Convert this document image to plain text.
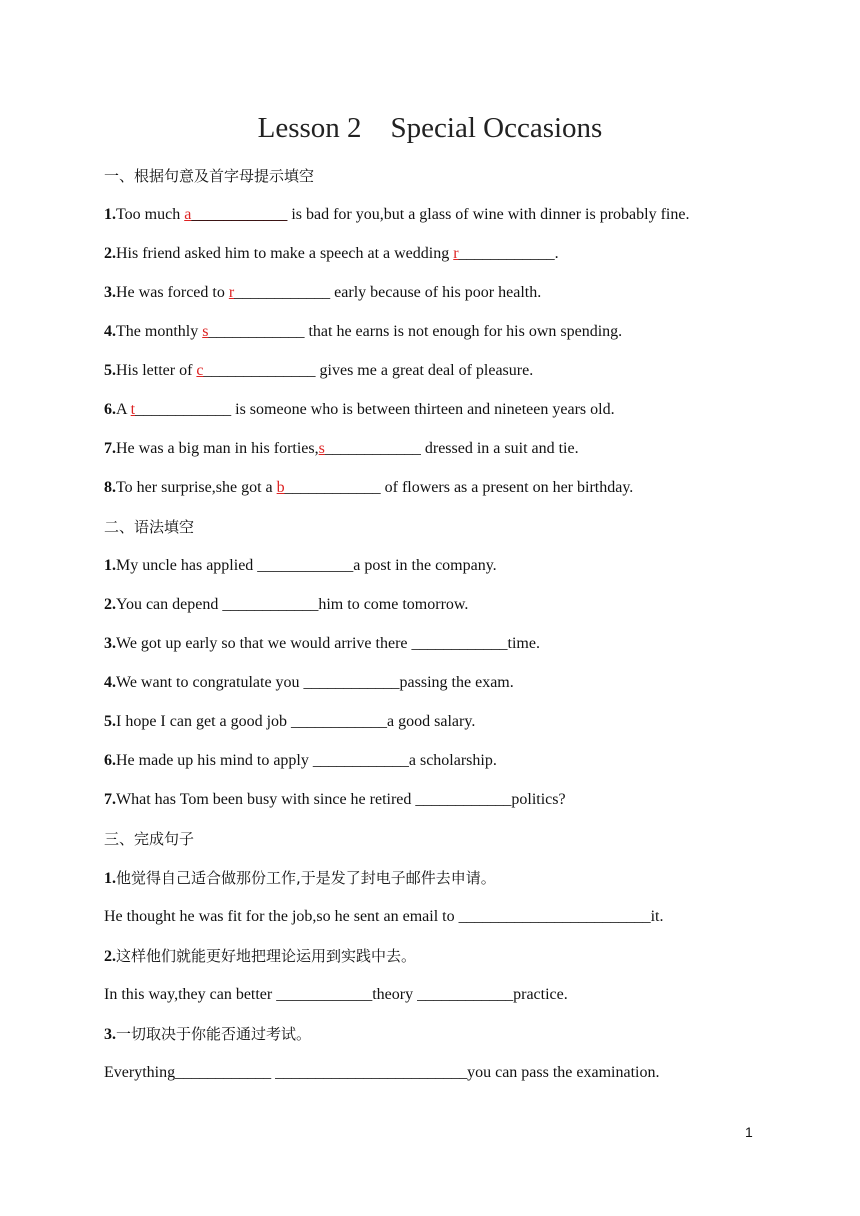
Lesson 2    Special Occasions
一、根据句意及首字母提示填空
1.Too much a____________ is bad for you,but a glass of wine with dinner is probably fine.
2.His friend asked him to make a speech at a wedding r____________.
3.He was forced to r____________ early because of his poor health.
4.The monthly s____________ that he earns is not enough for his own spending.
5.His letter of c______________ gives me a great deal of pleasure.
6.A t____________ is someone who is between thirteen and nineteen years old.
7.He was a big man in his forties,s____________ dressed in a suit and tie.
8.To her surprise,she got a b____________ of flowers as a present on her birthday.
二、语法填空
1.My uncle has applied ____________a post in the company.
2.You can depend ____________him to come tomorrow.
3.We got up early so that we would arrive there ____________time.
4.We want to congratulate you ____________passing the exam.
5.I hope I can get a good job ____________a good salary.
6.He made up his mind to apply ____________a scholarship.
7.What has Tom been busy with since he retired ____________politics?
三、完成句子
1.他觉得自己适合做那份工作,于是发了封电子邮件去申请。
He thought he was fit for the job,so he sent an email to ________________________it.
2.这样他们就能更好地把理论运用到实践中去。
In this way,they can better ____________theory ____________practice.
3.一切取决于你能否通过考试。
Everything____________ ________________________you can pass the examination.
1
